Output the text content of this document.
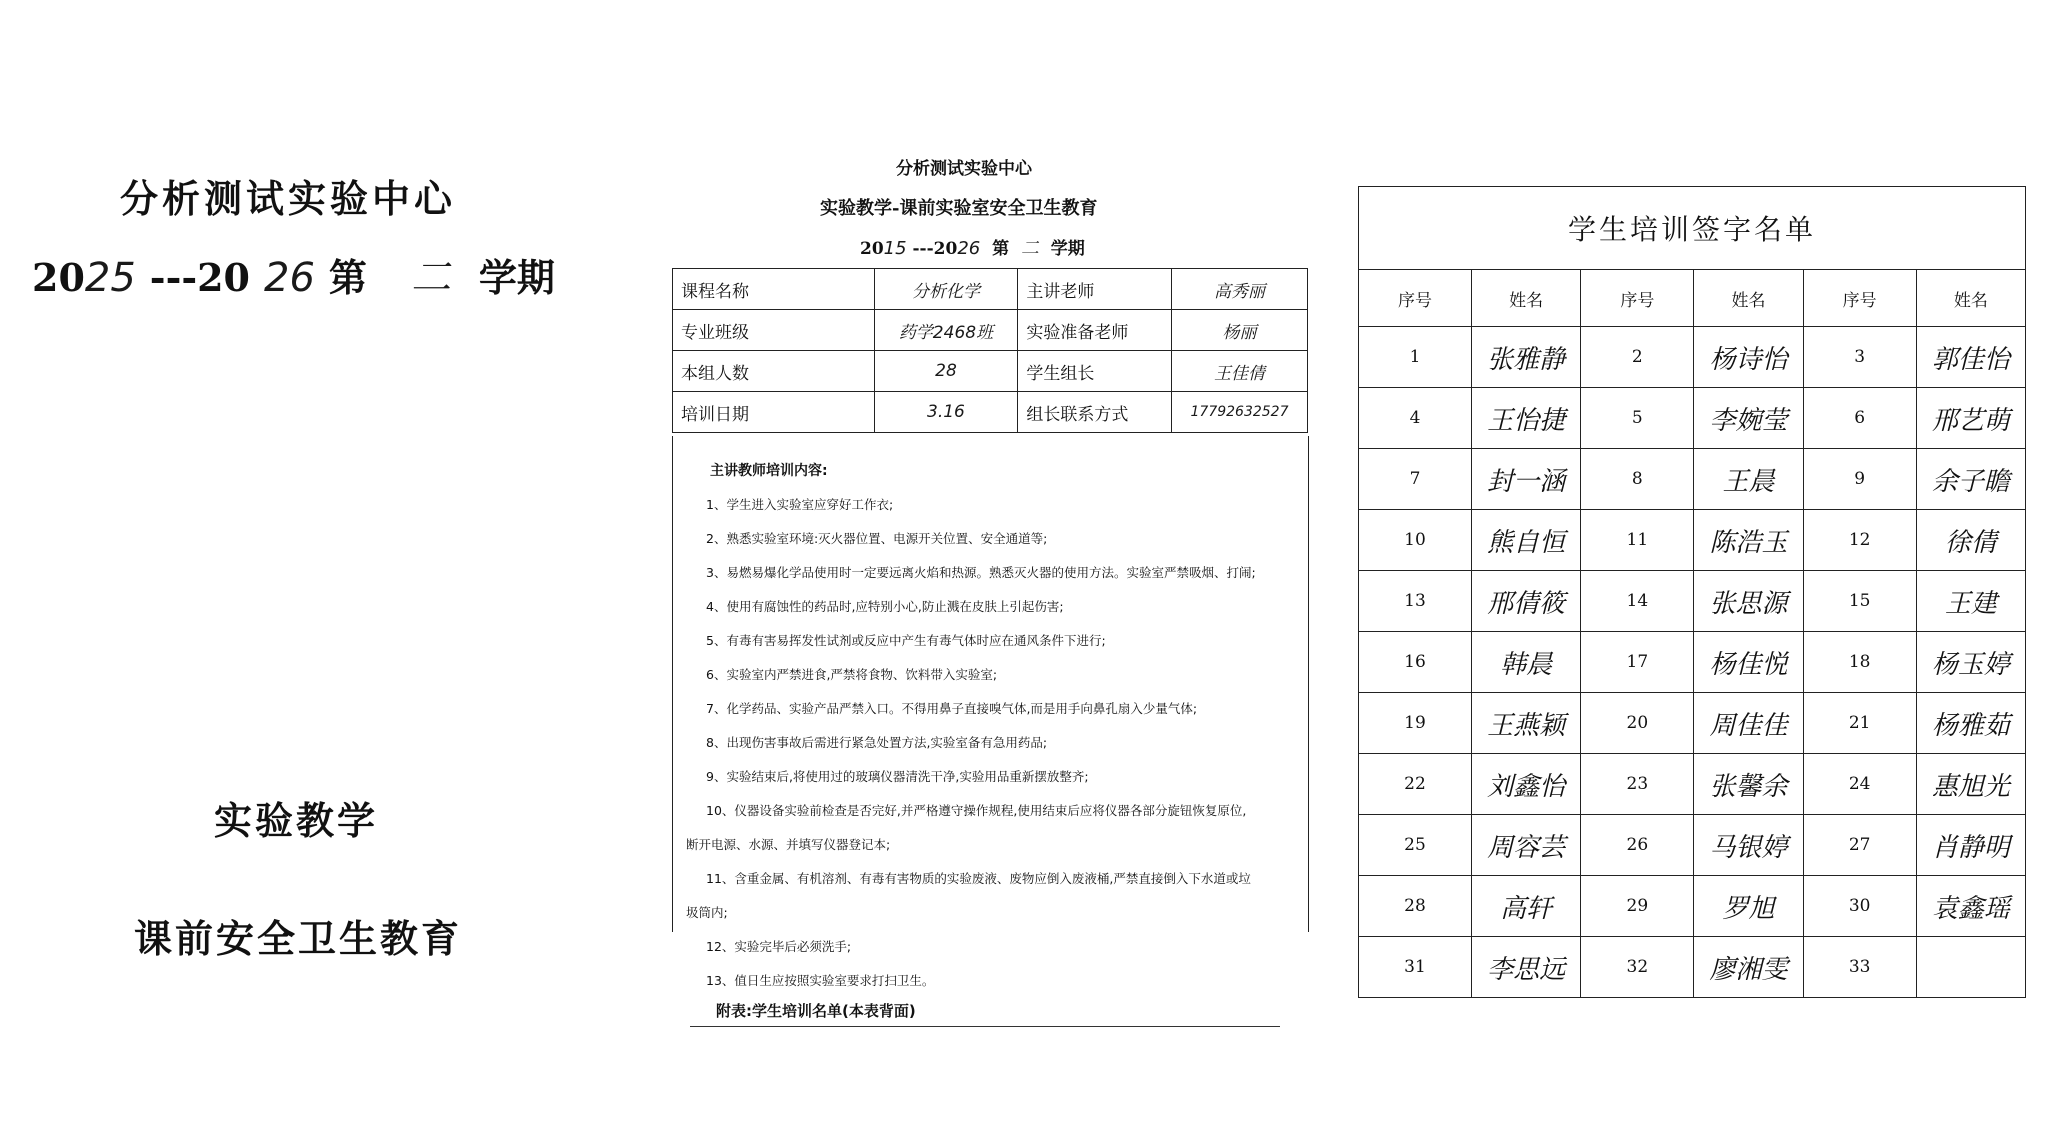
分析测试实验中心
2025 ---20 26 第 二 学期
实验教学
课前安全卫生教育
分析测试实验中心
实验教学-课前实验室安全卫生教育
2015 ---2026 第 二 学期
课程名称	分析化学	主讲老师	高秀丽
专业班级	药学2468班	实验准备老师	杨丽
本组人数	28	学生组长	王佳倩
培训日期	3.16	组长联系方式	17792632527
主讲教师培训内容:
1、学生进入实验室应穿好工作衣;
2、熟悉实验室环境:灭火器位置、电源开关位置、安全通道等;
3、易燃易爆化学品使用时一定要远离火焰和热源。熟悉灭火器的使用方法。实验室严禁吸烟、打闹;
4、使用有腐蚀性的药品时,应特别小心,防止溅在皮肤上引起伤害;
5、有毒有害易挥发性试剂或反应中产生有毒气体时应在通风条件下进行;
6、实验室内严禁进食,严禁将食物、饮料带入实验室;
7、化学药品、实验产品严禁入口。不得用鼻子直接嗅气体,而是用手向鼻孔扇入少量气体;
8、出现伤害事故后需进行紧急处置方法,实验室备有急用药品;
9、实验结束后,将使用过的玻璃仪器清洗干净,实验用品重新摆放整齐;
10、仪器设备实验前检查是否完好,并严格遵守操作规程,使用结束后应将仪器各部分旋钮恢复原位,
断开电源、水源、并填写仪器登记本;
11、含重金属、有机溶剂、有毒有害物质的实验废液、废物应倒入废液桶,严禁直接倒入下水道或垃
圾筒内;
12、实验完毕后必须洗手;
13、值日生应按照实验室要求打扫卫生。
附表:学生培训名单(本表背面)
学生培训签字名单
序号	姓名	序号	姓名	序号	姓名
1	张雅静	2	杨诗怡	3	郭佳怡
4	王怡捷	5	李婉莹	6	邢艺萌
7	封一涵	8	王晨	9	余子瞻
10	熊自恒	11	陈浩玉	12	徐倩
13	邢倩筱	14	张思源	15	王建
16	韩晨	17	杨佳悦	18	杨玉婷
19	王燕颖	20	周佳佳	21	杨雅茹
22	刘鑫怡	23	张馨余	24	惠旭光
25	周容芸	26	马银婷	27	肖静明
28	高轩	29	罗旭	30	袁鑫瑶
31	李思远	32	廖湘雯	33	
